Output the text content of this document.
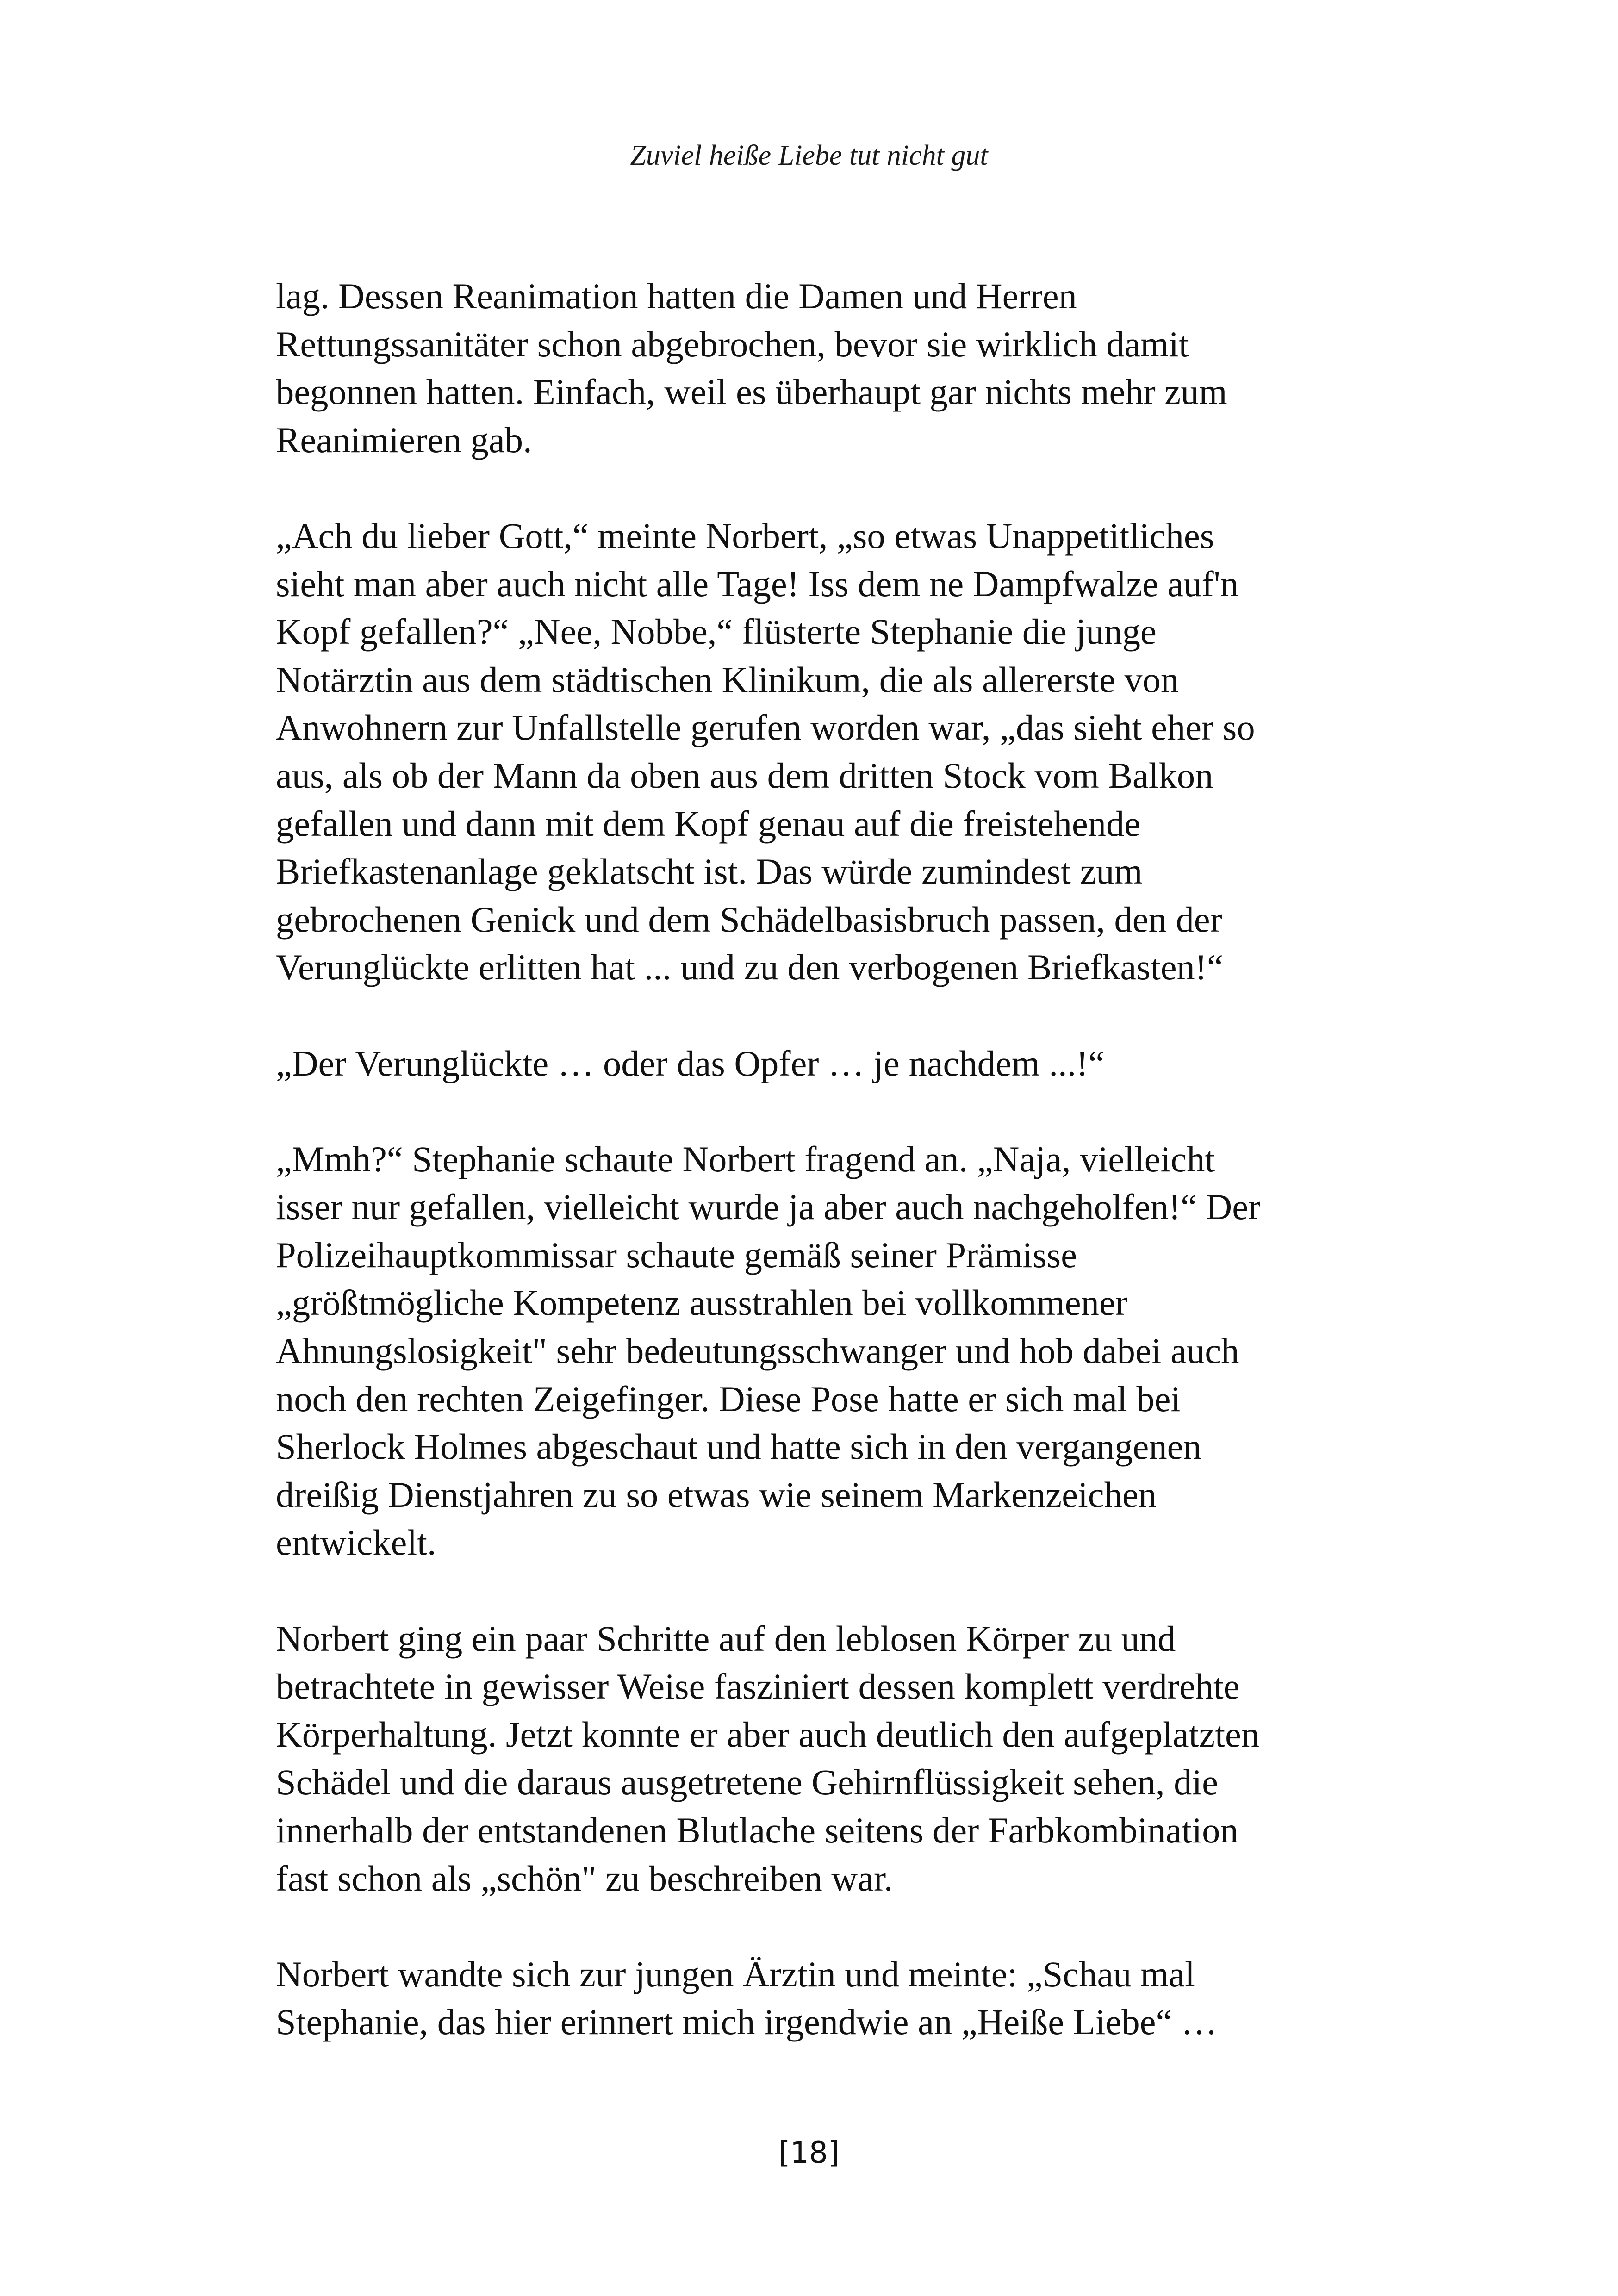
Zuviel heiße Liebe tut nicht gut

lag. Dessen Reanimation hatten die Damen und Herren
Rettungssanitäter schon abgebrochen, bevor sie wirklich damit
begonnen hatten. Einfach, weil es überhaupt gar nichts mehr zum
Reanimieren gab.

„Ach du lieber Gott,“ meinte Norbert, „so etwas Unappetitliches
sieht man aber auch nicht alle Tage! Iss dem ne Dampfwalze auf'n
Kopf gefallen?“ „Nee, Nobbe,“ flüsterte Stephanie die junge
Notärztin aus dem städtischen Klinikum, die als allererste von
Anwohnern zur Unfallstelle gerufen worden war, „das sieht eher so
aus, als ob der Mann da oben aus dem dritten Stock vom Balkon
gefallen und dann mit dem Kopf genau auf die freistehende
Briefkastenanlage geklatscht ist. Das würde zumindest zum
gebrochenen Genick und dem Schädelbasisbruch passen, den der
Verunglückte erlitten hat ... und zu den verbogenen Briefkasten!“

„Der Verunglückte … oder das Opfer … je nachdem ...!“

„Mmh?“ Stephanie schaute Norbert fragend an. „Naja, vielleicht
isser nur gefallen, vielleicht wurde ja aber auch nachgeholfen!“ Der
Polizeihauptkommissar schaute gemäß seiner Prämisse
„größtmögliche Kompetenz ausstrahlen bei vollkommener
Ahnungslosigkeit" sehr bedeutungsschwanger und hob dabei auch
noch den rechten Zeigefinger. Diese Pose hatte er sich mal bei
Sherlock Holmes abgeschaut und hatte sich in den vergangenen
dreißig Dienstjahren zu so etwas wie seinem Markenzeichen
entwickelt.

Norbert ging ein paar Schritte auf den leblosen Körper zu und
betrachtete in gewisser Weise fasziniert dessen komplett verdrehte
Körperhaltung. Jetzt konnte er aber auch deutlich den aufgeplatzten
Schädel und die daraus ausgetretene Gehirnflüssigkeit sehen, die
innerhalb der entstandenen Blutlache seitens der Farbkombination
fast schon als „schön" zu beschreiben war.

Norbert wandte sich zur jungen Ärztin und meinte: „Schau mal
Stephanie, das hier erinnert mich irgendwie an „Heiße Liebe“ …

[18]
